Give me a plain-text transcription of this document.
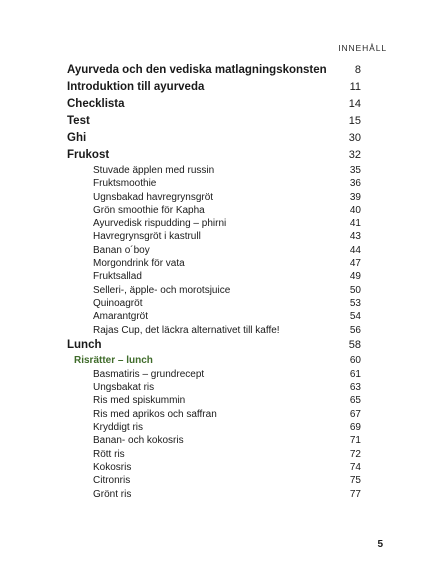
INNEHÅLL
Ayurveda och den vediska matlagningskonsten	8
Introduktion till ayurveda	11
Checklista	14
Test	15
Ghi	30
Frukost	32
Stuvade äpplen med russin	35
Fruktsmoothie	36
Ugnsbakad havregrynsgröt	39
Grön smoothie för Kapha	40
Ayurvedisk rispudding – phirni	41
Havregrynsgröt i kastrull	43
Banan o´boy	44
Morgondrink för vata	47
Fruktsallad	49
Selleri-, äpple- och morotsjuice	50
Quinoagröt	53
Amarantgröt	54
Rajas Cup, det läckra alternativet till kaffe!	56
Lunch	58
Risrätter – lunch	60
Basmatiris – grundrecept	61
Ungsbakat ris	63
Ris med spiskummin	65
Ris med aprikos och saffran	67
Kryddigt ris	69
Banan- och kokosris	71
Rött ris	72
Kokosris	74
Citronris	75
Grönt ris	77
5
